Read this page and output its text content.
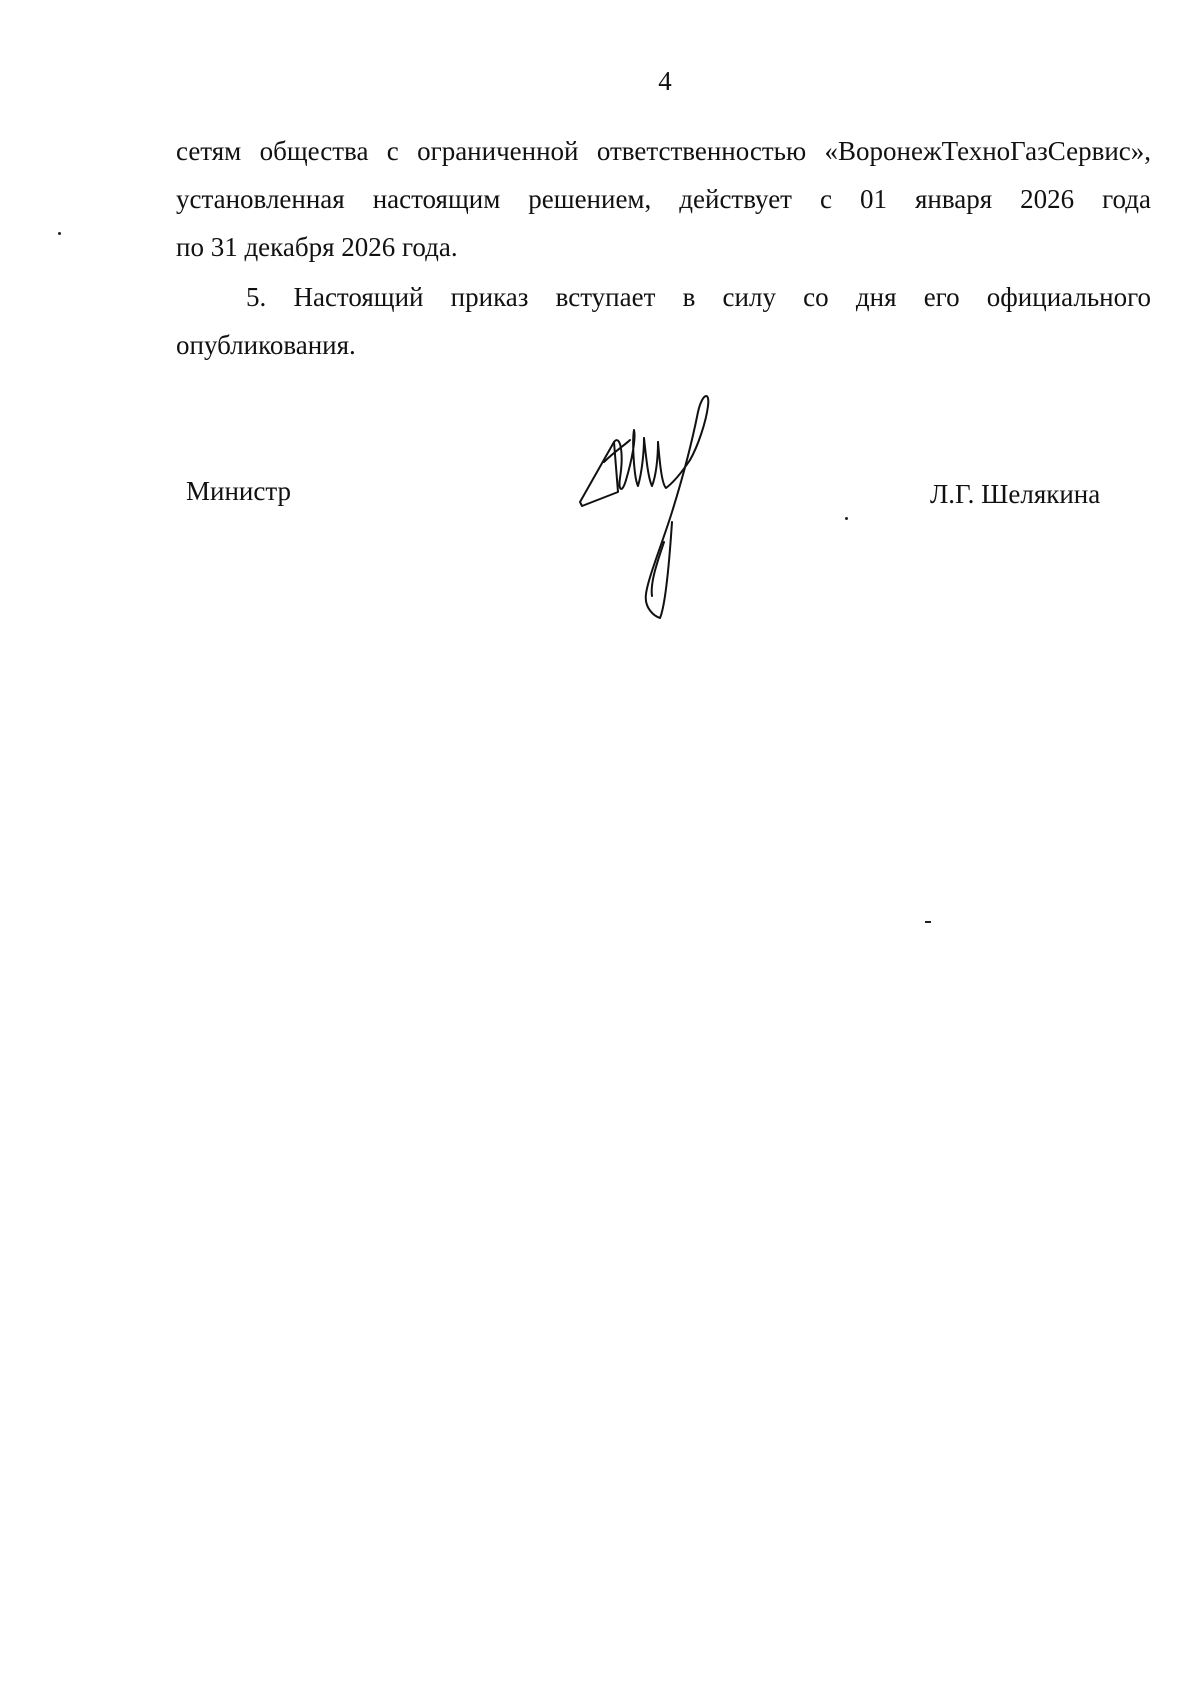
4
сетям общества с ограниченной ответственностью «ВоронежТехноГазСервис»,
установленная настоящим решением, действует с 01 января 2026 года
по 31 декабря 2026 года.
5. Настоящий приказ вступает в силу со дня его официального
опубликования.
Министр	Л.Г. Шелякина
